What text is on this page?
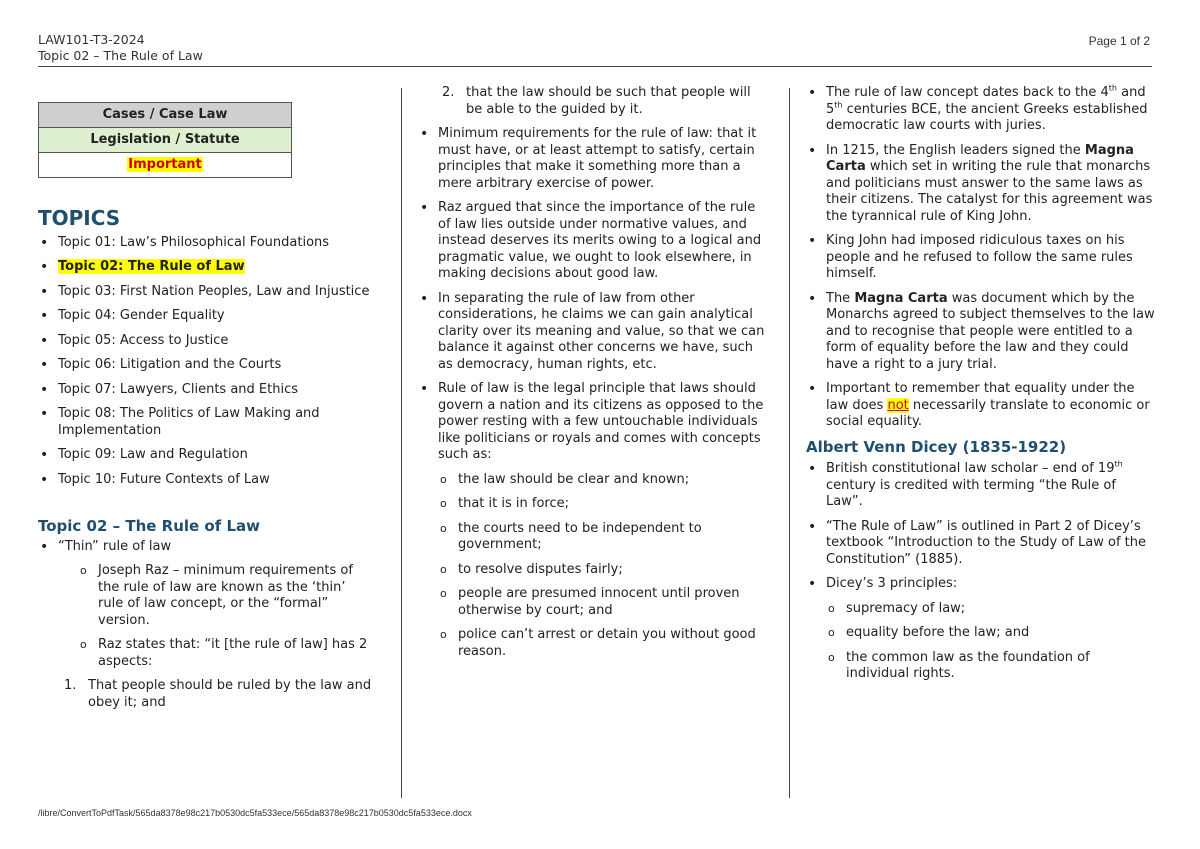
LAW101-T3-2024
Topic 02 – The Rule of Law
Page 1 of 2
Cases / Case Law
Legislation / Statute
Important
TOPICS
• Topic 01: Law’s Philosophical Foundations
• Topic 02: The Rule of Law
• Topic 03: First Nation Peoples, Law and Injustice
• Topic 04: Gender Equality
• Topic 05: Access to Justice
• Topic 06: Litigation and the Courts
• Topic 07: Lawyers, Clients and Ethics
• Topic 08: The Politics of Law Making and Implementation
• Topic 09: Law and Regulation
• Topic 10: Future Contexts of Law
Topic 02 – The Rule of Law
• “Thin” rule of law
o Joseph Raz – minimum requirements of the rule of law are known as the ‘thin’ rule of law concept, or the “formal” version.
o Raz states that: “it [the rule of law] has 2 aspects:
1. That people should be ruled by the law and obey it; and
2. that the law should be such that people will be able to the guided by it.
• Minimum requirements for the rule of law: that it must have, or at least attempt to satisfy, certain principles that make it something more than a mere arbitrary exercise of power.
• Raz argued that since the importance of the rule of law lies outside under normative values, and instead deserves its merits owing to a logical and pragmatic value, we ought to look elsewhere, in making decisions about good law.
• In separating the rule of law from other considerations, he claims we can gain analytical clarity over its meaning and value, so that we can balance it against other concerns we have, such as democracy, human rights, etc.
• Rule of law is the legal principle that laws should govern a nation and its citizens as opposed to the power resting with a few untouchable individuals like politicians or royals and comes with concepts such as:
o the law should be clear and known;
o that it is in force;
o the courts need to be independent to government;
o to resolve disputes fairly;
o people are presumed innocent until proven otherwise by court; and
o police can’t arrest or detain you without good reason.
• The rule of law concept dates back to the 4th and 5th centuries BCE, the ancient Greeks established democratic law courts with juries.
• In 1215, the English leaders signed the Magna Carta which set in writing the rule that monarchs and politicians must answer to the same laws as their citizens. The catalyst for this agreement was the tyrannical rule of King John.
• King John had imposed ridiculous taxes on his people and he refused to follow the same rules himself.
• The Magna Carta was document which by the Monarchs agreed to subject themselves to the law and to recognise that people were entitled to a form of equality before the law and they could have a right to a jury trial.
• Important to remember that equality under the law does not necessarily translate to economic or social equality.
Albert Venn Dicey (1835-1922)
• British constitutional law scholar – end of 19th century is credited with terming “the Rule of Law”.
• “The Rule of Law” is outlined in Part 2 of Dicey’s textbook “Introduction to the Study of Law of the Constitution” (1885).
• Dicey’s 3 principles:
o supremacy of law;
o equality before the law; and
o the common law as the foundation of individual rights.
/libre/ConvertToPdfTask/565da8378e98c217b0530dc5fa533ece/565da8378e98c217b0530dc5fa533ece.docx
